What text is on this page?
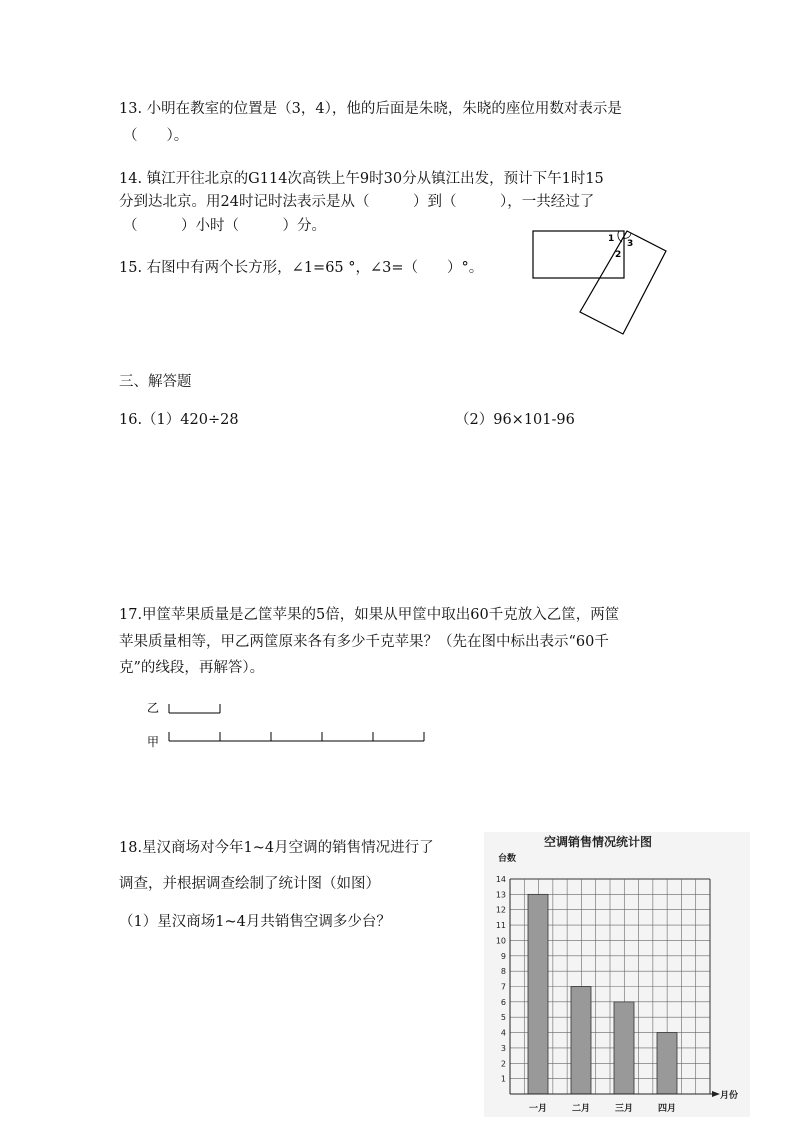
13. 小明在教室的位置是（3，4），他的后面是朱晓，朱晓的座位用数对表示是
（　　）。
14. 镇江开往北京的G114次高铁上午9时30分从镇江出发，预计下午1时15
分到达北京。用24时记时法表示是从（　　　）到（　　　），一共经过了
（　　　）小时（　　　）分。
15. 右图中有两个长方形，∠1=65 °，∠3=（　　）°。
1
2
3
三、解答题
16.（1）420÷28	（2）96×101-96
17.甲筐苹果质量是乙筐苹果的5倍，如果从甲筐中取出60千克放入乙筐，两筐
苹果质量相等，甲乙两筐原来各有多少千克苹果？（先在图中标出表示“60千
克”的线段，再解答）。
乙
甲
18.星汉商场对今年1~4月空调的销售情况进行了
调查，并根据调查绘制了统计图（如图）
（1）星汉商场1~4月共销售空调多少台？
空调销售情况统计图
台数
月份
1
2
3
4
5
6
7
8
9
10
11
12
13
14
一月	二月	三月	四月
